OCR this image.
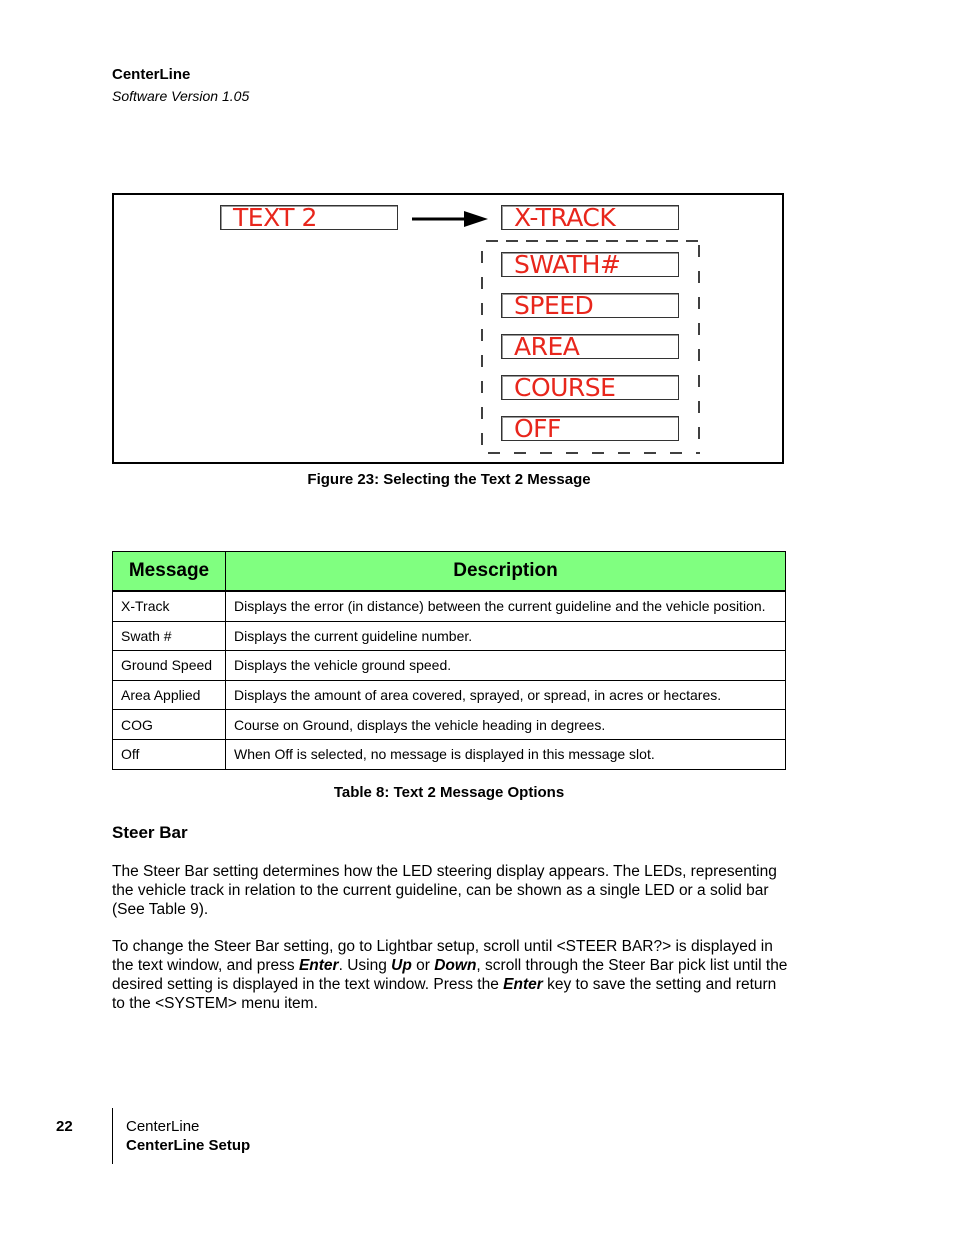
CenterLine
Software Version 1.05
TEXT 2	X-TRACK
SWATH#
SPEED
AREA
COURSE
OFF
Figure 23: Selecting the Text 2 Message
Message	Description
X-Track	Displays the error (in distance) between the current guideline and the vehicle position.
Swath #	Displays the current guideline number.
Ground Speed	Displays the vehicle ground speed.
Area Applied	Displays the amount of area covered, sprayed, or spread, in acres or hectares.
COG	Course on Ground, displays the vehicle heading in degrees.
Off	When Off is selected, no message is displayed in this message slot.
Table 8: Text 2 Message Options
Steer Bar
The Steer Bar setting determines how the LED steering display appears. The LEDs, representing the vehicle track in relation to the current guideline, can be shown as a single LED or a solid bar (See Table 9).
To change the Steer Bar setting, go to Lightbar setup, scroll until <STEER BAR?> is displayed in the text window, and press Enter. Using Up or Down, scroll through the Steer Bar pick list until the desired setting is displayed in the text window. Press the Enter key to save the setting and return to the <SYSTEM> menu item.
22	CenterLine
CenterLine Setup
